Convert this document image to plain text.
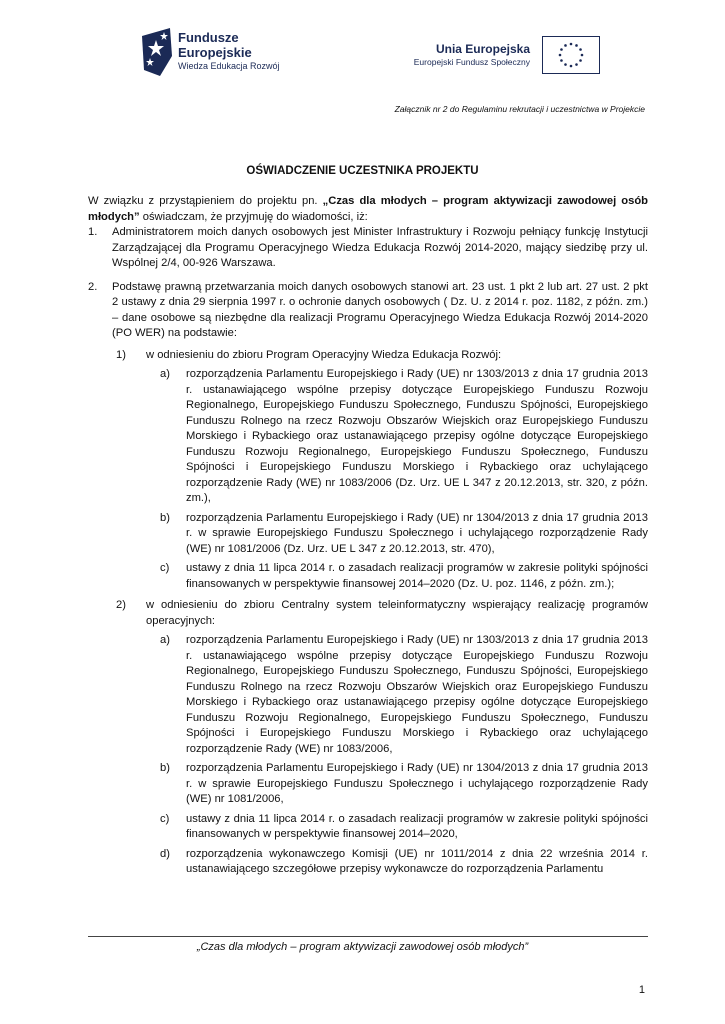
Fundusze
Europejskie
Wiedza Edukacja Rozwój
Unia Europejska
Europejski Fundusz Społeczny
Załącznik nr 2 do Regulaminu rekrutacji i uczestnictwa w Projekcie
OŚWIADCZENIE UCZESTNIKA PROJEKTU

W związku z przystąpieniem do projektu pn. „Czas dla młodych – program aktywizacji zawodowej osób młodych” oświadczam, że przyjmuję do wiadomości, iż:

1. Administratorem moich danych osobowych jest Minister Infrastruktury i Rozwoju pełniący funkcję Instytucji Zarządzającej dla Programu Operacyjnego Wiedza Edukacja Rozwój 2014-2020, mający siedzibę przy ul. Wspólnej 2/4, 00-926 Warszawa.
2. Podstawę prawną przetwarzania moich danych osobowych stanowi art. 23 ust. 1 pkt 2 lub art. 27 ust. 2 pkt 2 ustawy z dnia 29 sierpnia 1997 r. o ochronie danych osobowych ( Dz. U. z 2014 r. poz. 1182, z późn. zm.) – dane osobowe są niezbędne dla realizacji Programu Operacyjnego Wiedza Edukacja Rozwój 2014-2020 (PO WER) na podstawie:
1) w odniesieniu do zbioru Program Operacyjny Wiedza Edukacja Rozwój:
a) rozporządzenia Parlamentu Europejskiego i Rady (UE) nr 1303/2013 z dnia 17 grudnia 2013 r. ustanawiającego wspólne przepisy dotyczące Europejskiego Funduszu Rozwoju Regionalnego, Europejskiego Funduszu Społecznego, Funduszu Spójności, Europejskiego Funduszu Rolnego na rzecz Rozwoju Obszarów Wiejskich oraz Europejskiego Funduszu Morskiego i Rybackiego oraz ustanawiającego przepisy ogólne dotyczące Europejskiego Funduszu Rozwoju Regionalnego, Europejskiego Funduszu Społecznego, Funduszu Spójności i Europejskiego Funduszu Morskiego i Rybackiego oraz uchylającego rozporządzenie Rady (WE) nr 1083/2006 (Dz. Urz. UE L 347 z 20.12.2013, str. 320, z późn. zm.),
b) rozporządzenia Parlamentu Europejskiego i Rady (UE) nr 1304/2013 z dnia 17 grudnia 2013 r. w sprawie Europejskiego Funduszu Społecznego i uchylającego rozporządzenie Rady (WE) nr 1081/2006 (Dz. Urz. UE L 347 z 20.12.2013, str. 470),
c) ustawy z dnia 11 lipca 2014 r. o zasadach realizacji programów w zakresie polityki spójności finansowanych w perspektywie finansowej 2014–2020 (Dz. U. poz. 1146, z późn. zm.);
2) w odniesieniu do zbioru Centralny system teleinformatyczny wspierający realizację programów operacyjnych:
a) rozporządzenia Parlamentu Europejskiego i Rady (UE) nr 1303/2013 z dnia 17 grudnia 2013 r. ustanawiającego wspólne przepisy dotyczące Europejskiego Funduszu Rozwoju Regionalnego, Europejskiego Funduszu Społecznego, Funduszu Spójności, Europejskiego Funduszu Rolnego na rzecz Rozwoju Obszarów Wiejskich oraz Europejskiego Funduszu Morskiego i Rybackiego oraz ustanawiającego przepisy ogólne dotyczące Europejskiego Funduszu Rozwoju Regionalnego, Europejskiego Funduszu Społecznego, Funduszu Spójności i Europejskiego Funduszu Morskiego i Rybackiego oraz uchylającego rozporządzenie Rady (WE) nr 1083/2006,
b) rozporządzenia Parlamentu Europejskiego i Rady (UE) nr 1304/2013 z dnia 17 grudnia 2013 r. w sprawie Europejskiego Funduszu Społecznego i uchylającego rozporządzenie Rady (WE) nr 1081/2006,
c) ustawy z dnia 11 lipca 2014 r. o zasadach realizacji programów w zakresie polityki spójności finansowanych w perspektywie finansowej 2014–2020,
d) rozporządzenia wykonawczego Komisji (UE) nr 1011/2014 z dnia 22 września 2014 r. ustanawiającego szczegółowe przepisy wykonawcze do rozporządzenia Parlamentu
„Czas dla młodych – program aktywizacji zawodowej osób młodych”
1
